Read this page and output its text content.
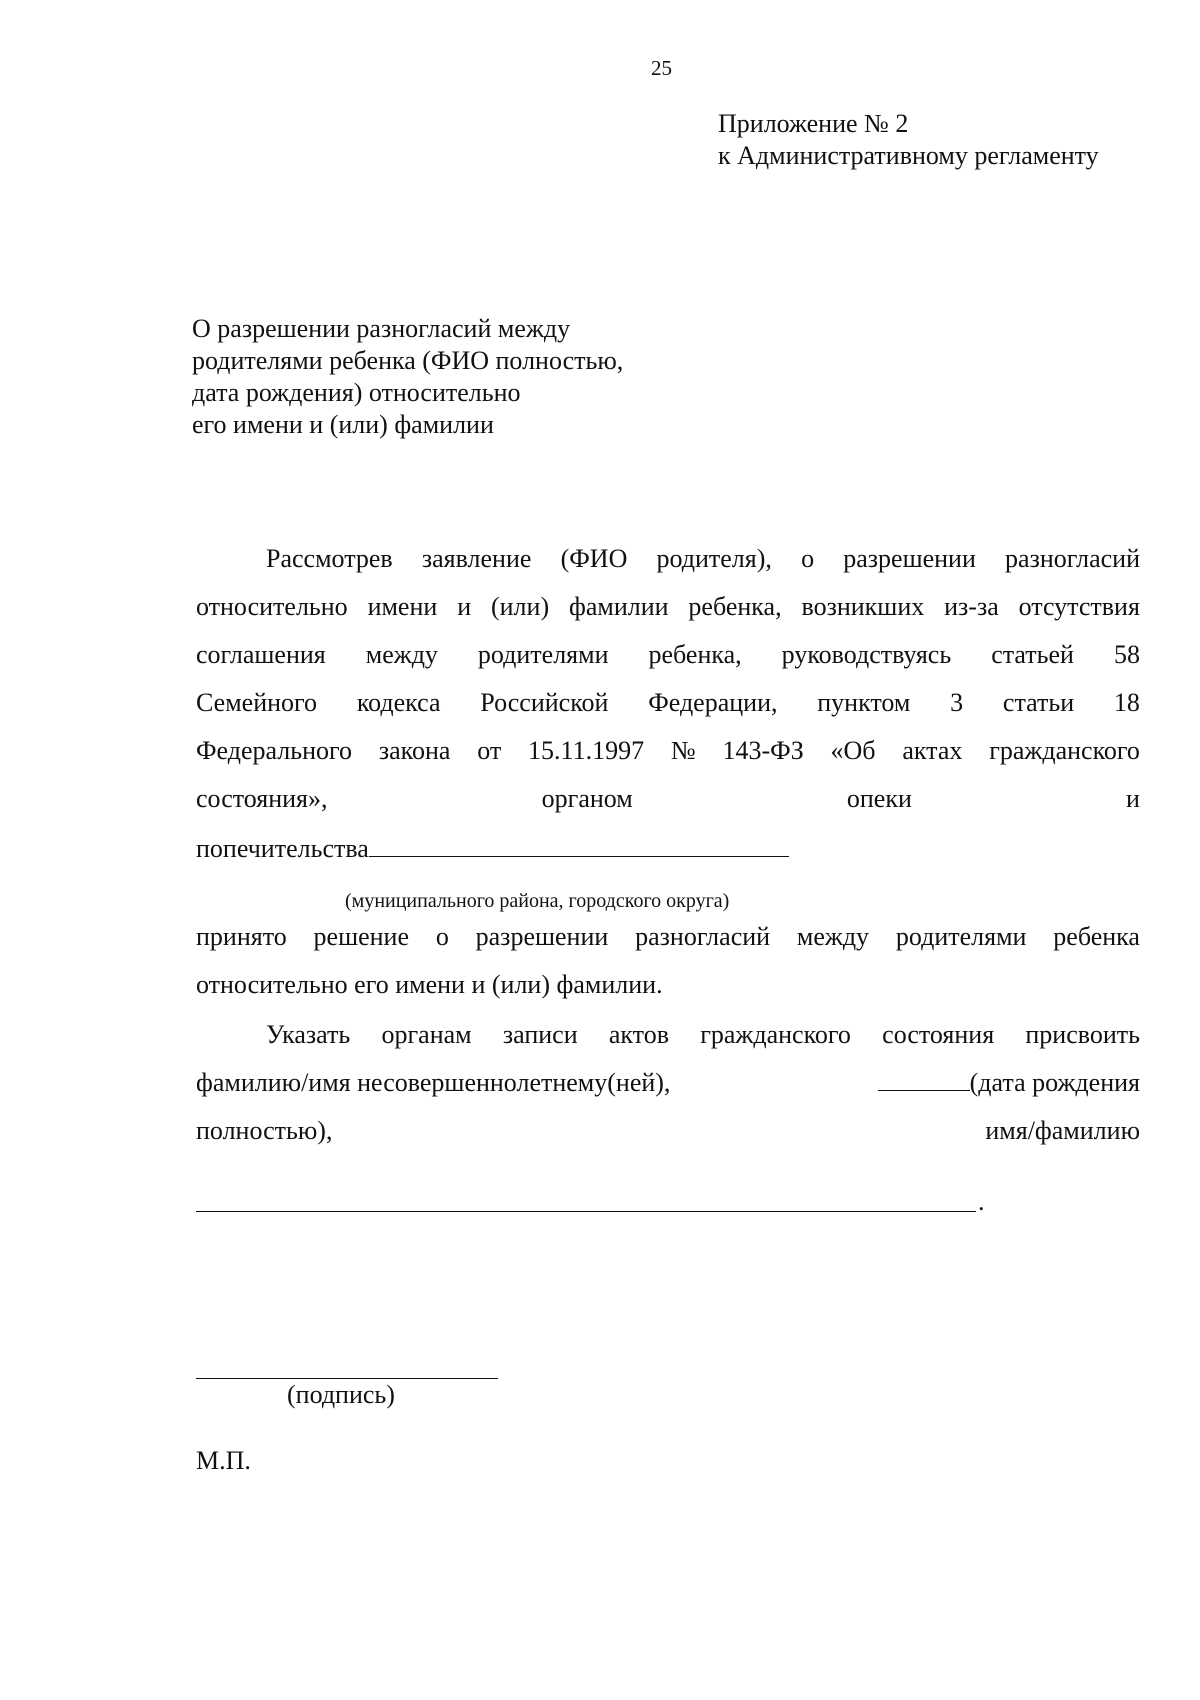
25
Приложение № 2
к Административному регламенту
О разрешении разногласий между
родителями ребенка (ФИО полностью,
дата рождения) относительно
его имени и (или) фамилии
Рассмотрев заявление (ФИО родителя), о разрешении разногласий
относительно имени и (или) фамилии ребенка, возникших из-за отсутствия
соглашения между родителями ребенка, руководствуясь статьей 58
Семейного кодекса Российской Федерации, пунктом 3 статьи 18
Федерального закона от 15.11.1997 № 143-ФЗ «Об актах гражданского
состояния»,	органом	опеки	и
попечительства
(муниципального района, городского округа)
принято решение о разрешении разногласий между родителями ребенка
относительно его имени и (или) фамилии.
Указать органам записи актов гражданского состояния присвоить
фамилию/имя несовершеннолетнему(ней),	(дата рождения
полностью),	имя/фамилию
.
(подпись)
М.П.
